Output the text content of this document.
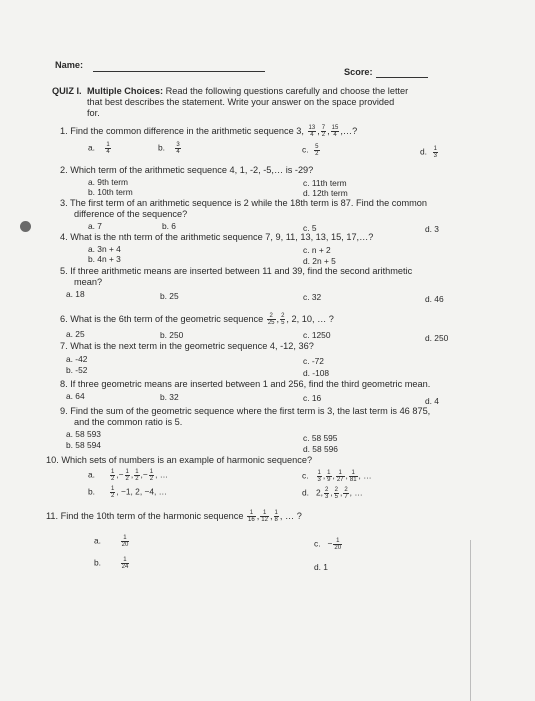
Name:
Score:
QUIZ I. Multiple Choices: Read the following questions carefully and choose the letter
that best describes the statement. Write your answer on the space provided
for.
1. Find the common difference in the arithmetic sequence 3, $\frac{13}{4}$ , $\frac{7}{2}$ , $\frac{15}{4}$ ,…?
a. $\frac{1}{4}$	b. $\frac{3}{4}$	c. $\frac{5}{2}$	d. $\frac{1}{3}$
2. Which term of the arithmetic sequence 4, 1, -2, -5,… is -29?
a. 9th term	c. 11th term
b. 10th term	d. 12th term
3. The first term of an arithmetic sequence is 2 while the 18th term is 87. Find the common
difference of the sequence?
a. 7	b. 6	c. 5	d. 3
4. What is the nth term of the arithmetic sequence 7, 9, 11, 13, 13, 15, 17,…?
a. 3n + 4	c. n + 2
b. 4n + 3	d. 2n + 5
5. If three arithmetic means are inserted between 11 and 39, find the second arithmetic
mean?
a. 18	b. 25	c. 32	d. 46
6. What is the 6th term of the geometric sequence $\frac{2}{25}$ , $\frac{2}{5}$ , 2, 10, … ?
a. 25	b. 250	c. 1250	d. 250
7. What is the next term in the geometric sequence 4, -12, 36?
a. -42	c. -72
b. -52	d. -108
8. If three geometric means are inserted between 1 and 256, find the third geometric mean.
a. 64	b. 32	c. 16	d. 4
9. Find the sum of the geometric sequence where the first term is 3, the last term is 46 875,
and the common ratio is 5.
a. 58 593	c. 58 595
b. 58 594	d. 58 596
10. Which sets of numbers is an example of harmonic sequence?
a. $\frac{1}{2}$ ,− $\frac{1}{2}$ , $\frac{1}{2}$ ,− $\frac{1}{2}$ , …
b. $\frac{1}{2}$ , −1, 2, −4, …
c. $\frac{1}{3}$ , $\frac{1}{9}$ , $\frac{1}{27}$ , $\frac{1}{81}$ , …
d. 2, $\frac{2}{3}$ , $\frac{2}{5}$ , $\frac{2}{7}$ , …
11. Find the 10th term of the harmonic sequence $\frac{1}{16}$ , $\frac{1}{12}$ , $\frac{1}{8}$ , … ?
a.	$\frac{1}{20}$
b.	$\frac{1}{24}$
c.   − $\frac{1}{20}$
d. 1
